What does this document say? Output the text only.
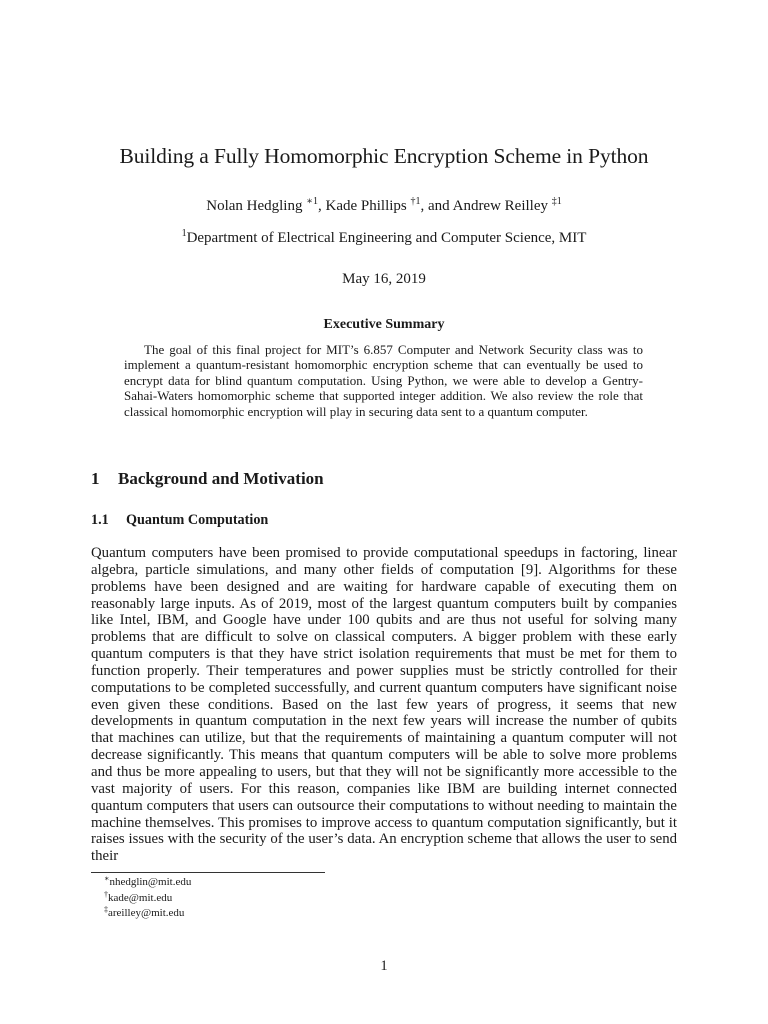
Building a Fully Homomorphic Encryption Scheme in Python
Nolan Hedgling $^{∗1}$, Kade Phillips $^{\dagger 1}$, and Andrew Reilley $^{\ddagger 1}$
$^1$Department of Electrical Engineering and Computer Science, MIT
May 16, 2019
Executive Summary

The goal of this final project for MIT’s 6.857 Computer and Network Security class was to implement a quantum-resistant homomorphic encryption scheme that can eventually be used to encrypt data for blind quantum computation. Using Python, we were able to develop a Gentry-Sahai-Waters homomorphic scheme that supported integer addition. We also review the role that classical homomorphic encryption will play in securing data sent to a quantum computer.

1 Background and Motivation
1.1 Quantum Computation

Quantum computers have been promised to provide computational speedups in factoring, linear algebra, particle simulations, and many other fields of computation [9]. Algorithms for these problems have been designed and are waiting for hardware capable of executing them on reasonably large inputs. As of 2019, most of the largest quantum computers built by companies like Intel, IBM, and Google have under 100 qubits and are thus not useful for solving many problems that are difficult to solve on classical computers. A bigger problem with these early quantum computers is that they have strict isolation requirements that must be met for them to function properly. Their temperatures and power supplies must be strictly controlled for their computations to be completed successfully, and current quantum computers have significant noise even given these conditions. Based on the last few years of progress, it seems that new developments in quantum computation in the next few years will increase the number of qubits that machines can utilize, but that the requirements of maintaining a quantum computer will not decrease significantly. This means that quantum computers will be able to solve more problems and thus be more appealing to users, but that they will not be significantly more accessible to the vast majority of users. For this reason, companies like IBM are building internet connected quantum computers that users can outsource their computations to without needing to maintain the machine themselves. This promises to improve access to quantum computation significantly, but it raises issues with the security of the user’s data. An encryption scheme that allows the user to send their

∗nhedglin@mit.edu
†kade@mit.edu
‡areilley@mit.edu
1
